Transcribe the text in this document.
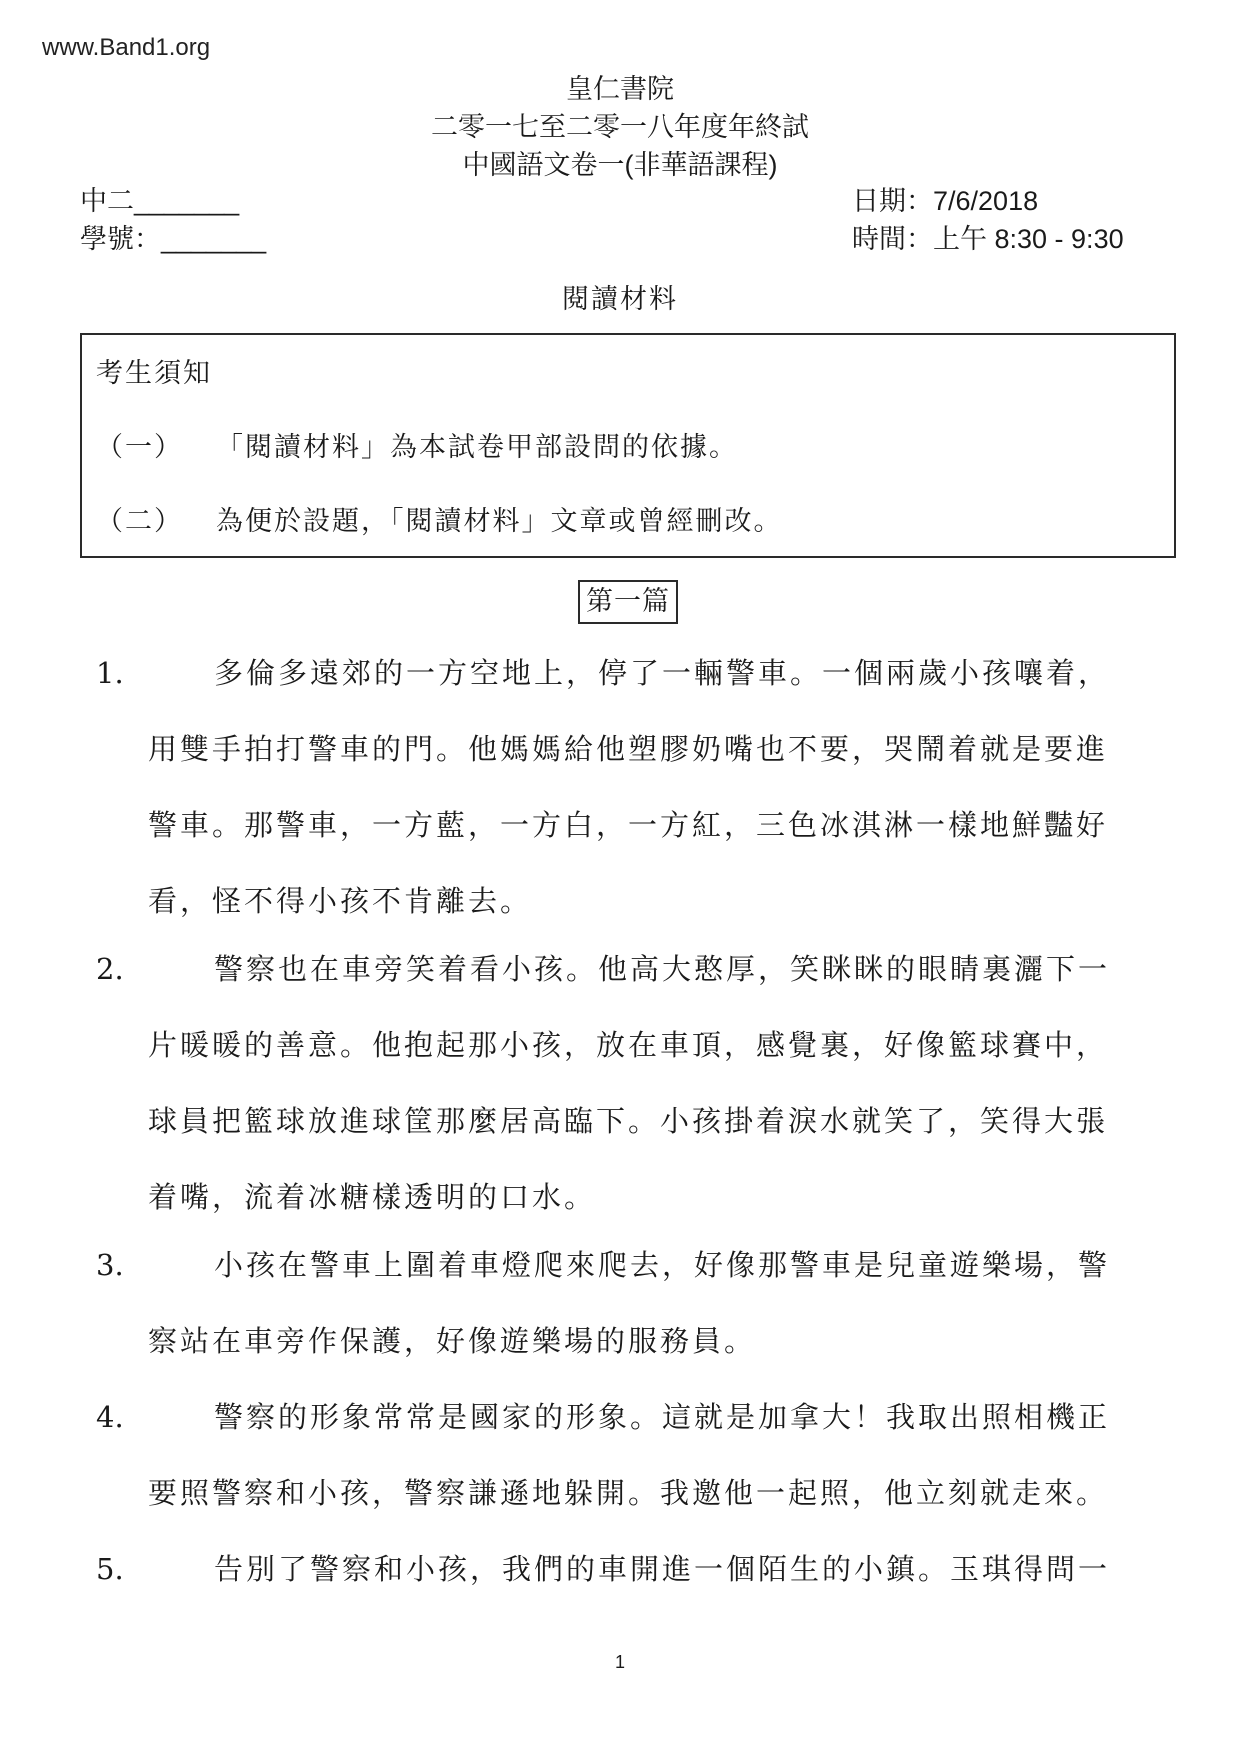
www.Band1.org
皇仁書院
二零一七至二零一八年度年終試
中國語文卷一(非華語課程)
中二_______
學號：_______
日期：7/6/2018
時間：上午 8:30 - 9:30
閱讀材料
考生須知
（一） 「閱讀材料」為本試卷甲部設問的依據。
（二） 為便於設題，「閱讀材料」文章或曾經刪改。
第一篇
1.	多倫多遠郊的一方空地上，停了一輛警車。一個兩歲小孩嚷着，
用雙手拍打警車的門。他媽媽給他塑膠奶嘴也不要，哭鬧着就是要進
警車。那警車，一方藍，一方白，一方紅，三色冰淇淋一樣地鮮豔好
看，怪不得小孩不肯離去。
2.	警察也在車旁笑着看小孩。他高大憨厚，笑眯眯的眼睛裏灑下一
片暖暖的善意。他抱起那小孩，放在車頂，感覺裏，好像籃球賽中，
球員把籃球放進球筐那麼居高臨下。小孩掛着淚水就笑了，笑得大張
着嘴，流着冰糖樣透明的口水。
3.	小孩在警車上圍着車燈爬來爬去，好像那警車是兒童遊樂場，警
察站在車旁作保護，好像遊樂場的服務員。
4.	警察的形象常常是國家的形象。這就是加拿大！我取出照相機正
要照警察和小孩，警察謙遜地躲開。我邀他一起照，他立刻就走來。
5.	告別了警察和小孩，我們的車開進一個陌生的小鎮。玉琪得問一
1
